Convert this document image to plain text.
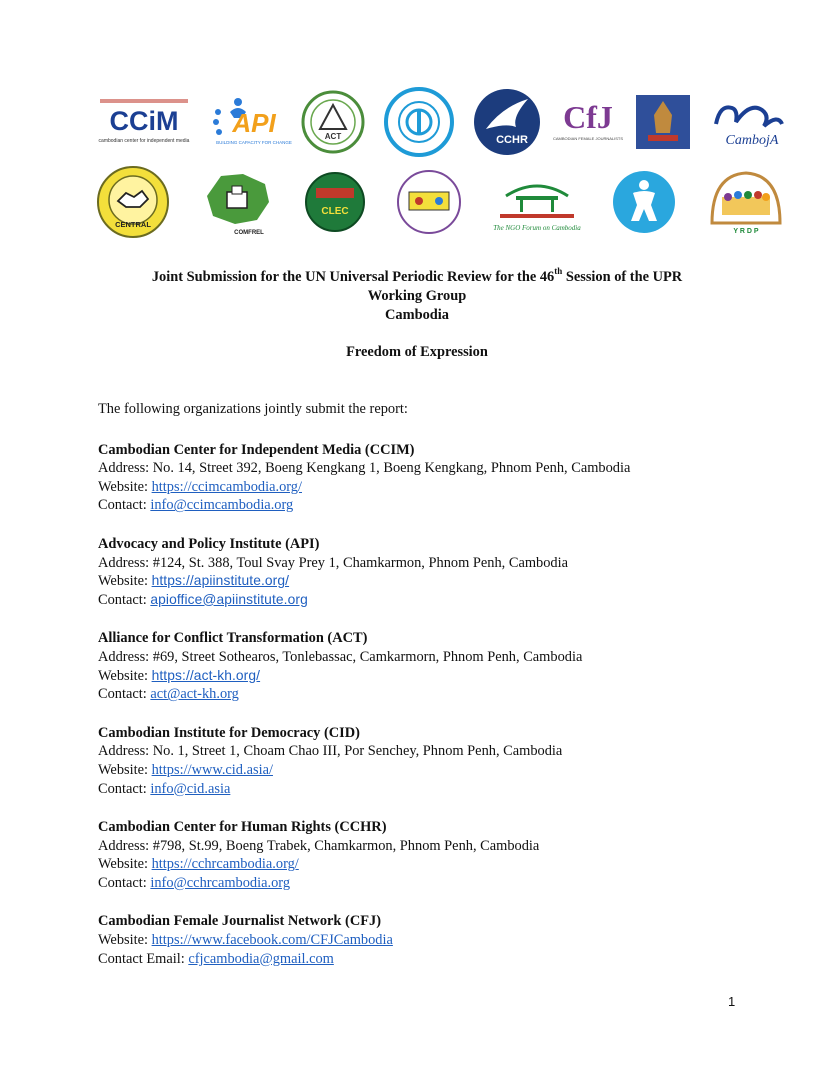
CCiM
cambodian center for independent media
API
BUILDING CAPACITY FOR CHANGE
ACT	CCHR
CfJ
CAMBODIAN FEMALE JOURNALISTS	CambojA
CENTRAL
COMFREL
CLEC
The NGO Forum on Cambodia	Y R D P
Joint Submission for the UN Universal Periodic Review for the 46th Session of the UPR
Working Group
Cambodia
Freedom of Expression

The following organizations jointly submit the report:

Cambodian Center for Independent Media (CCIM)

Address: No. 14, Street 392, Boeng Kengkang 1, Boeng Kengkang, Phnom Penh, Cambodia

Website: https://ccimcambodia.org/

Contact: info@ccimcambodia.org

Advocacy and Policy Institute (API)

Address: #124, St. 388, Toul Svay Prey 1, Chamkarmon, Phnom Penh, Cambodia

Website: https://apiinstitute.org/

Contact: apioffice@apiinstitute.org

Alliance for Conflict Transformation (ACT)

Address: #69, Street Sothearos, Tonlebassac, Camkarmorn, Phnom Penh, Cambodia

Website: https://act-kh.org/

Contact: act@act-kh.org

Cambodian Institute for Democracy (CID)

Address: No. 1, Street 1, Choam Chao III, Por Senchey, Phnom Penh, Cambodia

Website: https://www.cid.asia/

Contact: info@cid.asia

Cambodian Center for Human Rights (CCHR)

Address: #798, St.99, Boeng Trabek, Chamkarmon, Phnom Penh, Cambodia

Website: https://cchrcambodia.org/

Contact: info@cchrcambodia.org

Cambodian Female Journalist Network (CFJ)

Website: https://www.facebook.com/CFJCambodia

Contact Email: cfjcambodia@gmail.com

1
